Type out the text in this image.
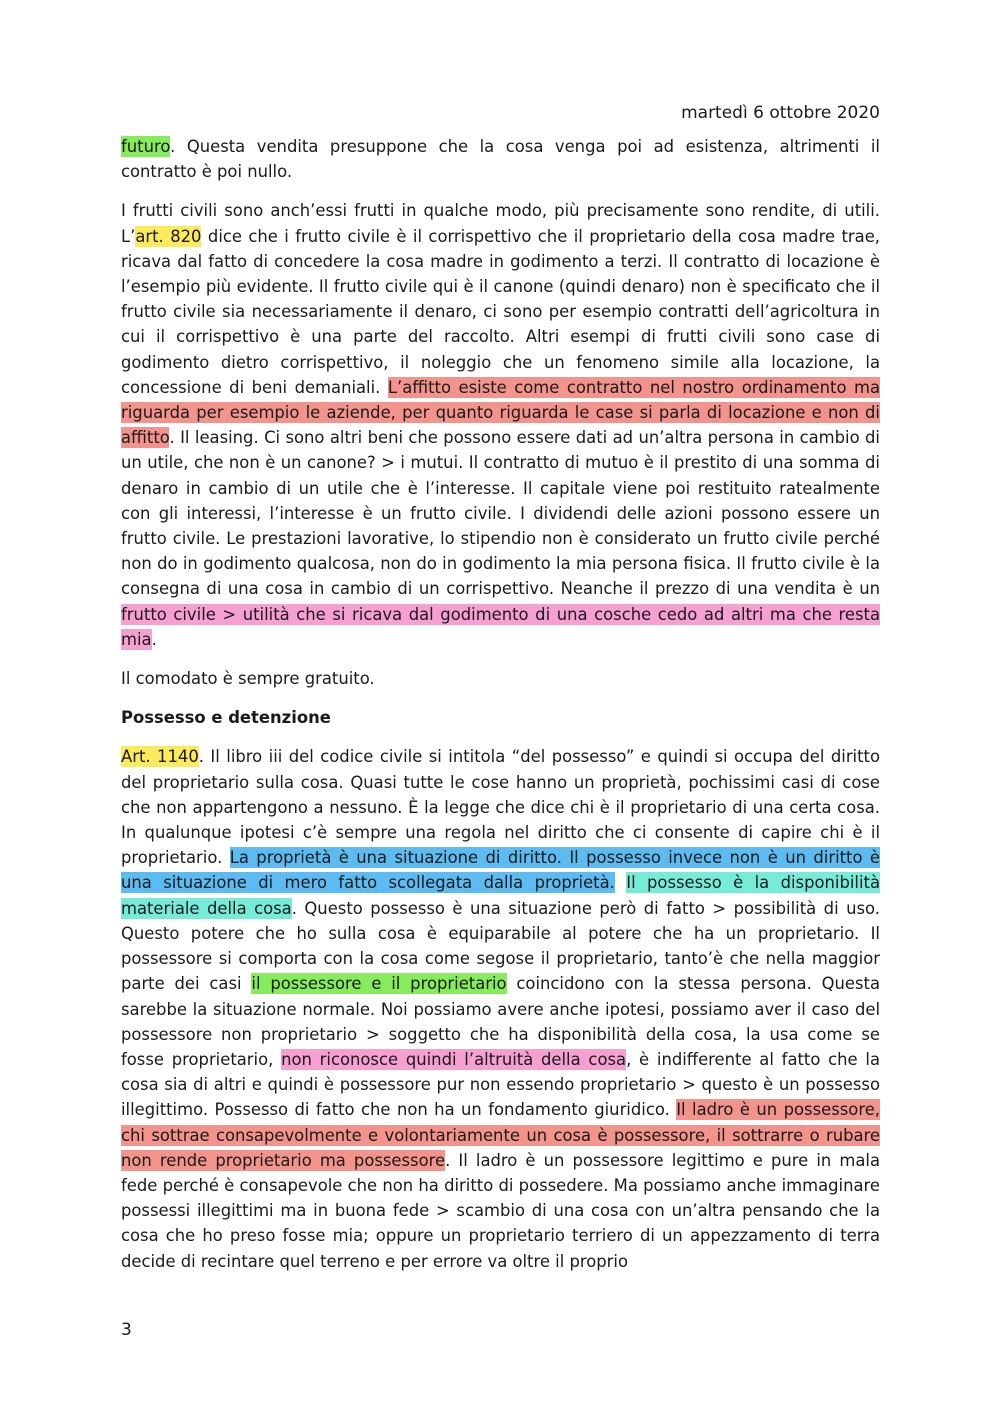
martedì 6 ottobre 2020

futuro. Questa vendita presuppone che la cosa venga poi ad esistenza, altrimenti il contratto è poi nullo.

I frutti civili sono anch’essi frutti in qualche modo, più precisamente sono rendite, di utili. L’art. 820 dice che i frutto civile è il corrispettivo che il proprietario della cosa madre trae, ricava dal fatto di concedere la cosa madre in godimento a terzi. Il contratto di locazione è l’esempio più evidente. Il frutto civile qui è il canone (quindi denaro) non è specificato che il frutto civile sia necessariamente il denaro, ci sono per esempio contratti dell’agricoltura in cui il corrispettivo è una parte del raccolto. Altri esempi di frutti civili sono case di godimento dietro corrispettivo, il noleggio che un fenomeno simile alla locazione, la concessione di beni demaniali. L’affitto esiste come contratto nel nostro ordinamento ma riguarda per esempio le aziende, per quanto riguarda le case si parla di locazione e non di affitto. Il leasing. Ci sono altri beni che possono essere dati ad un’altra persona in cambio di un utile, che non è un canone? > i mutui. Il contratto di mutuo è il prestito di una somma di denaro in cambio di un utile che è l’interesse. Il capitale viene poi restituito ratealmente con gli interessi, l’interesse è un frutto civile. I dividendi delle azioni possono essere un frutto civile. Le prestazioni lavorative, lo stipendio non è considerato un frutto civile perché non do in godimento qualcosa, non do in godimento la mia persona fisica. Il frutto civile è la consegna di una cosa in cambio di un corrispettivo. Neanche il prezzo di una vendita è un frutto civile > utilità che si ricava dal godimento di una cosche cedo ad altri ma che resta mia.

Il comodato è sempre gratuito.

Possesso e detenzione

Art. 1140. Il libro iii del codice civile si intitola “del possesso” e quindi si occupa del diritto del proprietario sulla cosa. Quasi tutte le cose hanno un proprietà, pochissimi casi di cose che non appartengono a nessuno. È la legge che dice chi è il proprietario di una certa cosa. In qualunque ipotesi c’è sempre una regola nel diritto che ci consente di capire chi è il proprietario. La proprietà è una situazione di diritto. Il possesso invece non è un diritto è una situazione di mero fatto scollegata dalla proprietà. Il possesso è la disponibilità materiale della cosa. Questo possesso è una situazione però di fatto > possibilità di uso. Questo potere che ho sulla cosa è equiparabile al potere che ha un proprietario. Il possessore si comporta con la cosa come segose il proprietario, tanto’è che nella maggior parte dei casi il possessore e il proprietario coincidono con la stessa persona. Questa sarebbe la situazione normale. Noi possiamo avere anche ipotesi, possiamo aver il caso del possessore non proprietario > soggetto che ha disponibilità della cosa, la usa come se fosse proprietario, non riconosce quindi l’altruità della cosa, è indifferente al fatto che la cosa sia di altri e quindi è possessore pur non essendo proprietario > questo è un possesso illegittimo. Possesso di fatto che non ha un fondamento giuridico. Il ladro è un possessore, chi sottrae consapevolmente e volontariamente un cosa è possessore, il sottrarre o rubare non rende proprietario ma possessore. Il ladro è un possessore legittimo e pure in mala fede perché è consapevole che non ha diritto di possedere. Ma possiamo anche immaginare possessi illegittimi ma in buona fede > scambio di una cosa con un’altra pensando che la cosa che ho preso fosse mia; oppure un proprietario terriero di un appezzamento di terra decide di recintare quel terreno e per errore va oltre il proprio

3
